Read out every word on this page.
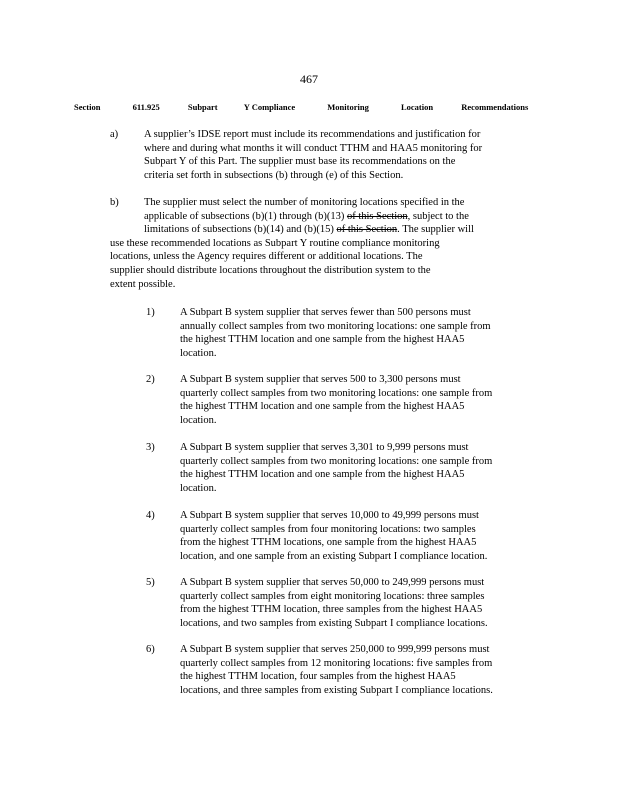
467
Section	611.925	Subpart	Y Compliance	Monitoring	Location	Recommendations
a) A supplier’s IDSE report must include its recommendations and justification for
where and during what months it will conduct TTHM and HAA5 monitoring for
Subpart Y of this Part. The supplier must base its recommendations on the
criteria set forth in subsections (b) through (e) of this Section.
b) The supplier must select the number of monitoring locations specified in the
applicable of subsections (b)(1) through (b)(13) of this Section, subject to the
limitations of subsections (b)(14) and (b)(15) of this Section. The supplier will
use these recommended locations as Subpart Y routine compliance monitoring
locations, unless the Agency requires different or additional locations. The
supplier should distribute locations throughout the distribution system to the
extent possible.
1) A Subpart B system supplier that serves fewer than 500 persons must
annually collect samples from two monitoring locations: one sample from
the highest TTHM location and one sample from the highest HAA5
location.
2) A Subpart B system supplier that serves 500 to 3,300 persons must
quarterly collect samples from two monitoring locations: one sample from
the highest TTHM location and one sample from the highest HAA5
location.
3) A Subpart B system supplier that serves 3,301 to 9,999 persons must
quarterly collect samples from two monitoring locations: one sample from
the highest TTHM location and one sample from the highest HAA5
location.
4) A Subpart B system supplier that serves 10,000 to 49,999 persons must
quarterly collect samples from four monitoring locations: two samples
from the highest TTHM locations, one sample from the highest HAA5
location, and one sample from an existing Subpart I compliance location.
5) A Subpart B system supplier that serves 50,000 to 249,999 persons must
quarterly collect samples from eight monitoring locations: three samples
from the highest TTHM location, three samples from the highest HAA5
locations, and two samples from existing Subpart I compliance locations.
6) A Subpart B system supplier that serves 250,000 to 999,999 persons must
quarterly collect samples from 12 monitoring locations: five samples from
the highest TTHM location, four samples from the highest HAA5
locations, and three samples from existing Subpart I compliance locations.
